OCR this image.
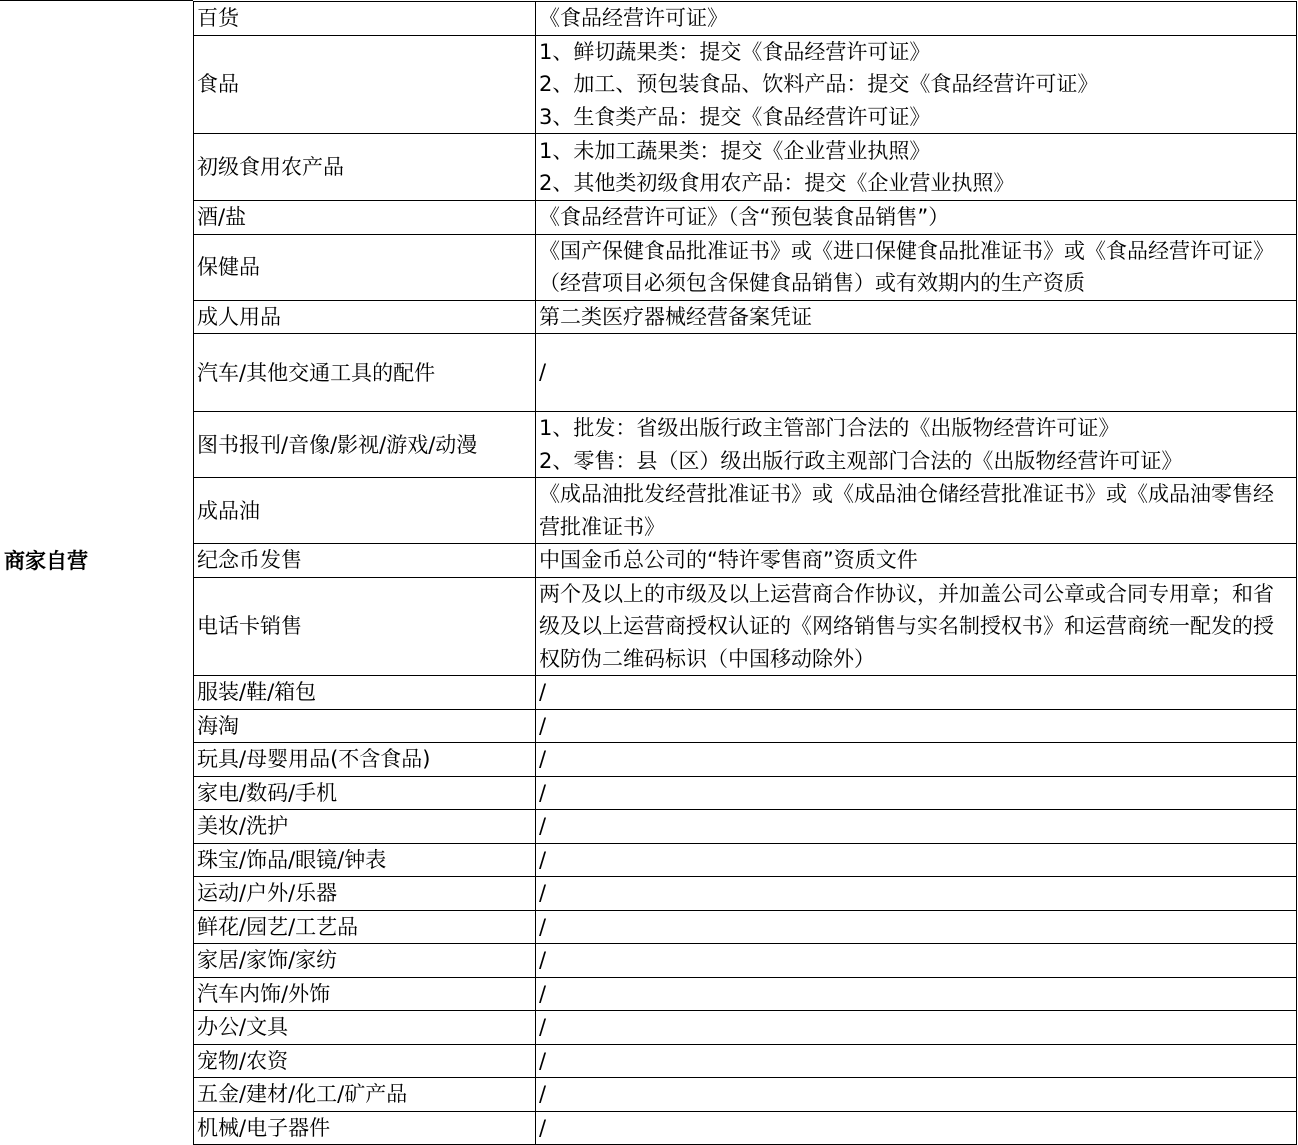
商家自营
百货	《食品经营许可证》

食品	1、鲜切蔬果类：提交《食品经营许可证》
2、加工、预包装食品、饮料产品：提交《食品经营许可证》
3、生食类产品：提交《食品经营许可证》

初级食用农产品	1、未加工蔬果类：提交《企业营业执照》
2、其他类初级食用农产品：提交《企业营业执照》

酒/盐	《食品经营许可证》（含“预包装食品销售”）

保健品	《国产保健食品批准证书》或《进口保健食品批准证书》或《食品经营许可证》（经营项目必须包含保健食品销售）或有效期内的生产资质

成人用品	第二类医疗器械经营备案凭证

汽车/其他交通工具的配件	/

图书报刊/音像/影视/游戏/动漫	1、批发：省级出版行政主管部门合法的《出版物经营许可证》
2、零售：县（区）级出版行政主观部门合法的《出版物经营许可证》

成品油	《成品油批发经营批准证书》或《成品油仓储经营批准证书》或《成品油零售经营批准证书》

纪念币发售	中国金币总公司的“特许零售商”资质文件

电话卡销售	两个及以上的市级及以上运营商合作协议，并加盖公司公章或合同专用章；和省级及以上运营商授权认证的《网络销售与实名制授权书》和运营商统一配发的授权防伪二维码标识（中国移动除外）

服装/鞋/箱包	/

海淘	/

玩具/母婴用品(不含食品)	/

家电/数码/手机	/

美妆/洗护	/

珠宝/饰品/眼镜/钟表	/

运动/户外/乐器	/

鲜花/园艺/工艺品	/

家居/家饰/家纺	/

汽车内饰/外饰	/

办公/文具	/

宠物/农资	/

五金/建材/化工/矿产品	/

机械/电子器件	/
